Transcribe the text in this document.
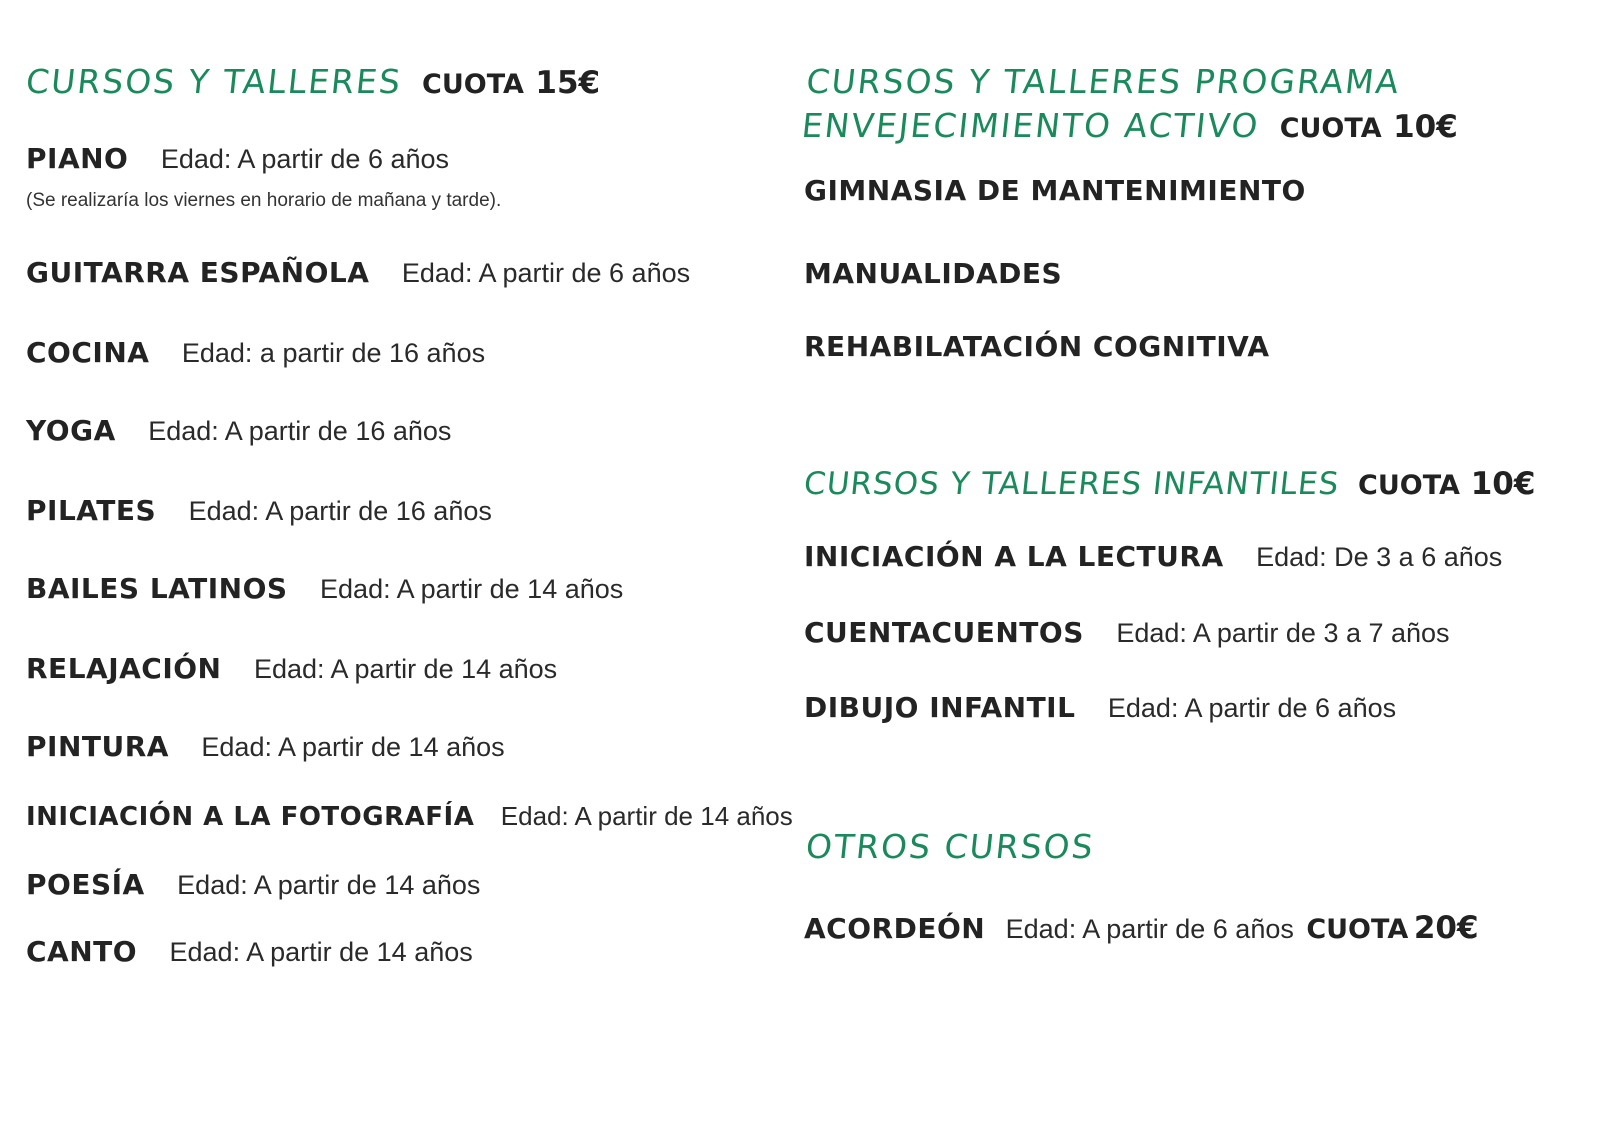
CURSOS Y TALLERES CUOTA 15€
PIANO Edad: A partir de 6 años
(Se realizaría los viernes en horario de mañana y tarde).
GUITARRA ESPAÑOLA Edad: A partir de 6 años
COCINA Edad: a partir de 16 años
YOGA Edad: A partir de 16 años
PILATES Edad: A partir de 16 años
BAILES LATINOS Edad: A partir de 14 años
RELAJACIÓN Edad: A partir de 14 años
PINTURA Edad: A partir de 14 años
INICIACIÓN A LA FOTOGRAFÍA Edad: A partir de 14 años
POESÍA Edad: A partir de 14 años
CANTO Edad: A partir de 14 años
CURSOS Y TALLERES PROGRAMA
ENVEJECIMIENTO ACTIVO CUOTA 10€
GIMNASIA DE MANTENIMIENTO
MANUALIDADES
REHABILATACIÓN COGNITIVA
CURSOS Y TALLERES INFANTILES CUOTA 10€
INICIACIÓN A LA LECTURA Edad: De 3 a 6 años
CUENTACUENTOS Edad: A partir de 3 a 7 años
DIBUJO INFANTIL Edad: A partir de 6 años
OTROS CURSOS
ACORDEÓN Edad: A partir de 6 años CUOTA 20€
